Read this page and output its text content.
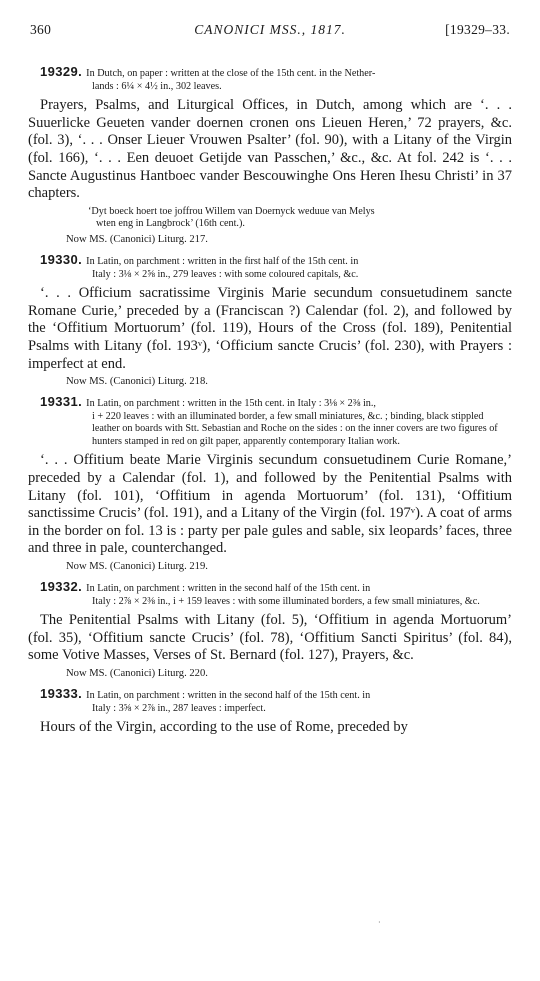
360	CANONICI MSS., 1817.	[19329–33.
19329. In Dutch, on paper : written at the close of the 15th cent. in the Nether-
lands : 6¼ × 4½ in., 302 leaves.

Prayers, Psalms, and Liturgical Offices, in Dutch, among which are ‘. . . Suuerlicke Geueten vander doernen cronen ons Lieuen Heren,’ 72 prayers, &c. (fol. 3), ‘. . . Onser Lieuer Vrouwen Psalter’ (fol. 90), with a Litany of the Virgin (fol. 166), ‘. . . Een deuoet Getijde van Passchen,’ &c., &c. At fol. 242 is ‘. . . Sancte Augustinus Hantboec vander Bescouwinghe Ons Heren Ihesu Christi’ in 37 chapters.

‘Dyt boeck hoert toe joffrou Willem van Doernyck weduue van Melys
wten eng in Langbrock’ (16th cent.).
Now MS. (Canonici) Liturg. 217.
19330. In Latin, on parchment : written in the first half of the 15th cent. in
Italy : 3⅛ × 2⅝ in., 279 leaves : with some coloured capitals, &c.

‘. . . Officium sacratissime Virginis Marie secundum consuetudinem sancte Romane Curie,’ preceded by a (Franciscan ?) Calendar (fol. 2), and followed by the ‘Offitium Mortuorum’ (fol. 119), Hours of the Cross (fol. 189), Penitential Psalms with Litany (fol. 193ᵛ), ‘Officium sancte Crucis’ (fol. 230), with Prayers : imperfect at end.

Now MS. (Canonici) Liturg. 218.
19331. In Latin, on parchment : written in the 15th cent. in Italy : 3⅛ × 2⅜ in.,
i + 220 leaves : with an illuminated border, a few small miniatures, &c. ; binding, black stippled leather on boards with Stt. Sebastian and Roche on the sides : on the inner covers are two figures of hunters stamped in red on gilt paper, apparently contemporary Italian work.

‘. . . Offitium beate Marie Virginis secundum consuetudinem Curie Romane,’ preceded by a Calendar (fol. 1), and followed by the Penitential Psalms with Litany (fol. 101), ‘Offitium in agenda Mortuorum’ (fol. 131), ‘Offitium sanctissime Crucis’ (fol. 191), and a Litany of the Virgin (fol. 197ᵛ). A coat of arms in the border on fol. 13 is : party per pale gules and sable, six leopards’ faces, three and three in pale, counterchanged.

Now MS. (Canonici) Liturg. 219.
19332. In Latin, on parchment : written in the second half of the 15th cent. in
Italy : 2⅞ × 2⅜ in., i + 159 leaves : with some illuminated borders, a few small miniatures, &c.

The Penitential Psalms with Litany (fol. 5), ‘Offitium in agenda Mortuorum’ (fol. 35), ‘Offitium sancte Crucis’ (fol. 78), ‘Offitium Sancti Spiritus’ (fol. 84), some Votive Masses, Verses of St. Bernard (fol. 127), Prayers, &c.

Now MS. (Canonici) Liturg. 220.
19333. In Latin, on parchment : written in the second half of the 15th cent. in
Italy : 3⅝ × 2⅞ in., 287 leaves : imperfect.

Hours of the Virgin, according to the use of Rome, preceded by

·
